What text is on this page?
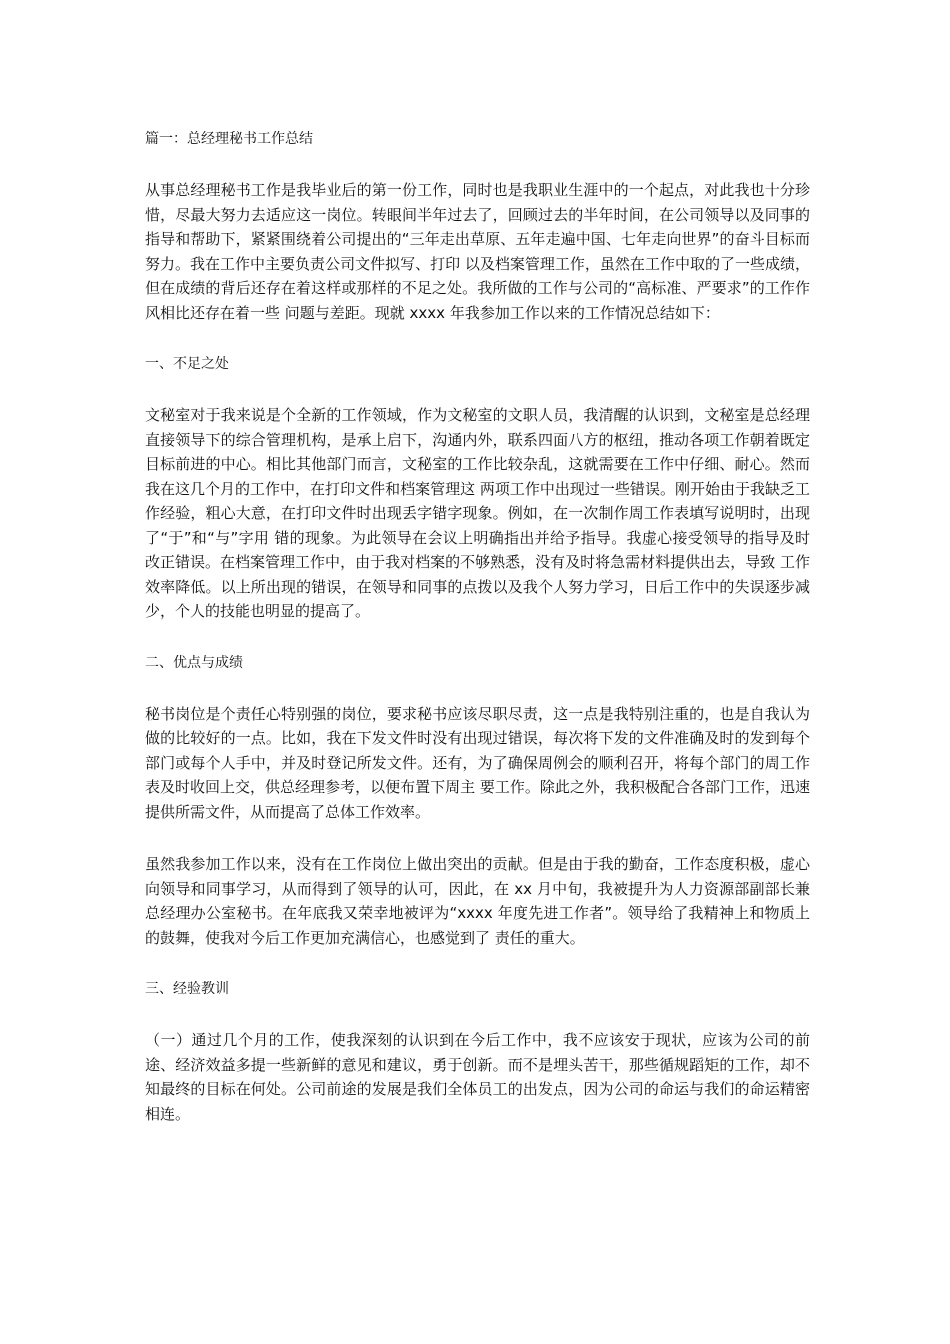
篇一：总经理秘书工作总结

从事总经理秘书工作是我毕业后的第一份工作，同时也是我职业生涯中的一个起点，对此我也十分珍惜，尽最大努力去适应这一岗位。转眼间半年过去了，回顾过去的半年时间，在公司领导以及同事的指导和帮助下，紧紧围绕着公司提出的“三年走出草原、五年走遍中国、七年走向世界”的奋斗目标而努力。我在工作中主要负责公司文件拟写、打印 以及档案管理工作，虽然在工作中取的了一些成绩，但在成绩的背后还存在着这样或那样的不足之处。我所做的工作与公司的“高标准、严要求”的工作作风相比还存在着一些 问题与差距。现就 xxxx 年我参加工作以来的工作情况总结如下：

一、不足之处

文秘室对于我来说是个全新的工作领域，作为文秘室的文职人员，我清醒的认识到，文秘室是总经理直接领导下的综合管理机构，是承上启下，沟通内外，联系四面八方的枢纽，推动各项工作朝着既定目标前进的中心。相比其他部门而言，文秘室的工作比较杂乱，这就需要在工作中仔细、耐心。然而我在这几个月的工作中，在打印文件和档案管理这 两项工作中出现过一些错误。刚开始由于我缺乏工作经验，粗心大意，在打印文件时出现丢字错字现象。例如，在一次制作周工作表填写说明时，出现了“于”和“与”字用 错的现象。为此领导在会议上明确指出并给予指导。我虚心接受领导的指导及时改正错误。在档案管理工作中，由于我对档案的不够熟悉，没有及时将急需材料提供出去，导致 工作效率降低。以上所出现的错误，在领导和同事的点拨以及我个人努力学习，日后工作中的失误逐步减少，个人的技能也明显的提高了。

二、优点与成绩

秘书岗位是个责任心特别强的岗位，要求秘书应该尽职尽责，这一点是我特别注重的，也是自我认为做的比较好的一点。比如，我在下发文件时没有出现过错误，每次将下发的文件准确及时的发到每个部门或每个人手中，并及时登记所发文件。还有，为了确保周例会的顺利召开，将每个部门的周工作表及时收回上交，供总经理参考，以便布置下周主 要工作。除此之外，我积极配合各部门工作，迅速提供所需文件，从而提高了总体工作效率。

虽然我参加工作以来，没有在工作岗位上做出突出的贡献。但是由于我的勤奋，工作态度积极，虚心向领导和同事学习，从而得到了领导的认可，因此，在 xx 月中旬，我被提升为人力资源部副部长兼总经理办公室秘书。在年底我又荣幸地被评为“xxxx 年度先进工作者”。领导给了我精神上和物质上的鼓舞，使我对今后工作更加充满信心，也感觉到了 责任的重大。

三、经验教训

（一）通过几个月的工作，使我深刻的认识到在今后工作中，我不应该安于现状，应该为公司的前途、经济效益多提一些新鲜的意见和建议，勇于创新。而不是埋头苦干，那些循规蹈矩的工作，却不知最终的目标在何处。公司前途的发展是我们全体员工的出发点，因为公司的命运与我们的命运精密相连。
